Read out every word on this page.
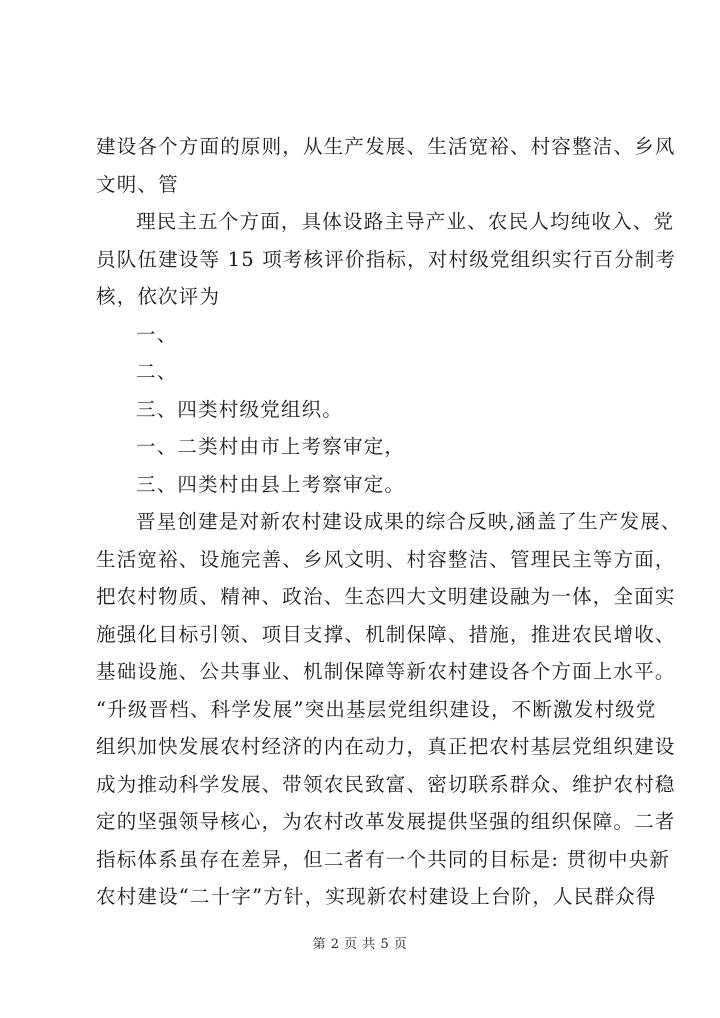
建设各个方面的原则，从生产发展、生活宽裕、村容整洁、乡风

文明、管

理民主五个方面，具体设路主导产业、农民人均纯收入、党

员队伍建设等 15 项考核评价指标，对村级党组织实行百分制考

核，依次评为

一、

二、

三、四类村级党组织。

一、二类村由市上考察审定，

三、四类村由县上考察审定。

晋星创建是对新农村建设成果的综合反映,涵盖了生产发展、

生活宽裕、设施完善、乡风文明、村容整洁、管理民主等方面，

把农村物质、精神、政治、生态四大文明建设融为一体，全面实

施强化目标引领、项目支撑、机制保障、措施，推进农民增收、

基础设施、公共事业、机制保障等新农村建设各个方面上水平。

“升级晋档、科学发展”突出基层党组织建设，不断激发村级党

组织加快发展农村经济的内在动力，真正把农村基层党组织建设

成为推动科学发展、带领农民致富、密切联系群众、维护农村稳

定的坚强领导核心，为农村改革发展提供坚强的组织保障。二者

指标体系虽存在差异，但二者有一个共同的目标是: 贯彻中央新

农村建设“二十字”方针，实现新农村建设上台阶，人民群众得

第 2 页 共 5 页
